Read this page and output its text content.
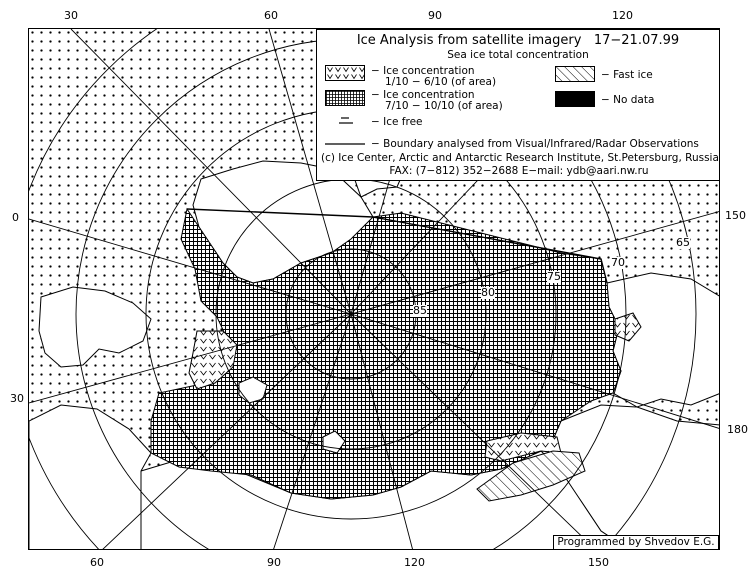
30	60	90	120
60	90	120	150
0
30
150
180
85
80
75
70
65
Ice Analysis from satellite imagery 17−21.07.99
Sea ice total concentration
− Ice concentration
1/10 − 6/10 (of area)
− Ice concentration
7/10 − 10/10 (of area)
− Ice free
− Fast ice
− No data
− Boundary analysed from Visual/Infrared/Radar Observations
(c) Ice Center, Arctic and Antarctic Research Institute, St.Petersburg, Russia
FAX: (7−812) 352−2688 E−mail: ydb@aari.nw.ru
Programmed by Shvedov E.G.
